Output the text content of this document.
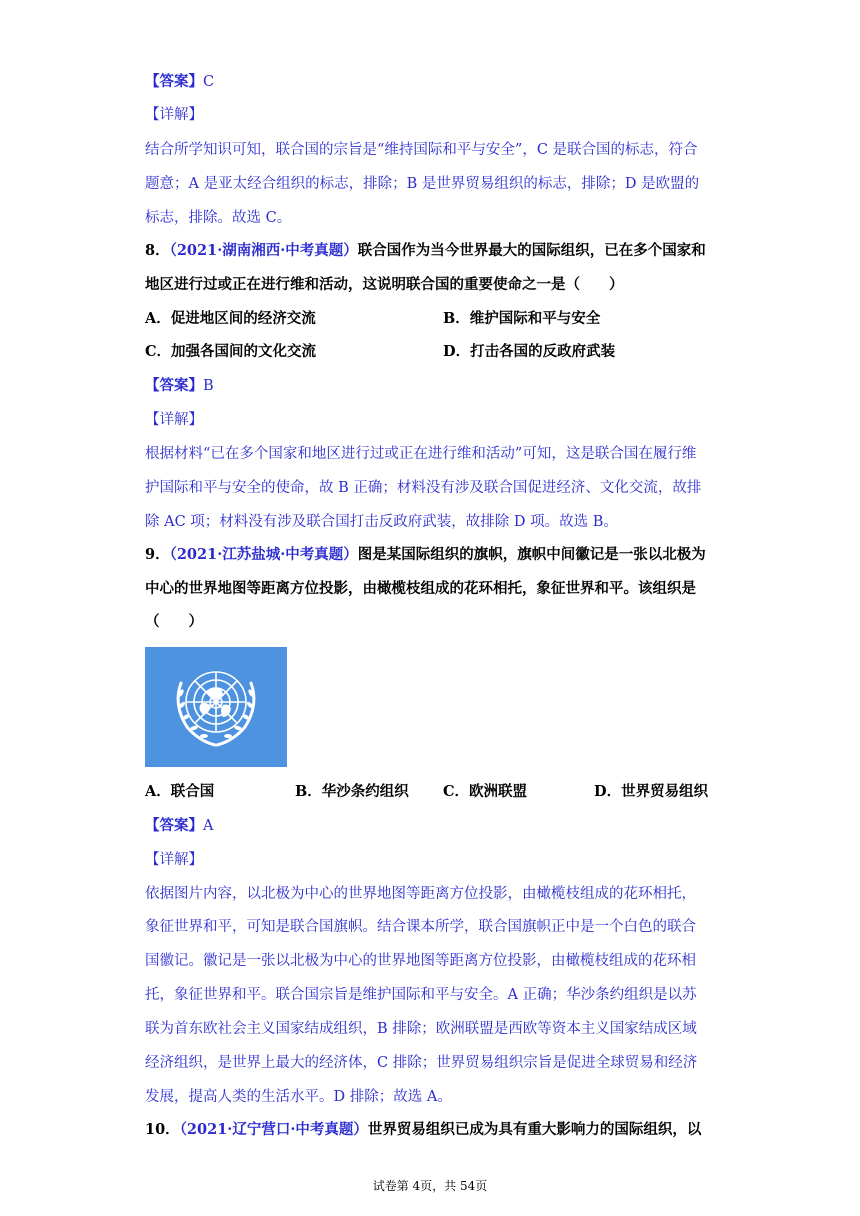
【答案】C
【详解】
结合所学知识可知，联合国的宗旨是“维持国际和平与安全”，C 是联合国的标志，符合
题意；A 是亚太经合组织的标志，排除；B 是世界贸易组织的标志，排除；D 是欧盟的
标志，排除。故选 C。
8．（2021·湖南湘西·中考真题）联合国作为当今世界最大的国际组织，已在多个国家和
地区进行过或正在进行维和活动，这说明联合国的重要使命之一是（　　）
A．促进地区间的经济交流	B．维护国际和平与安全
C．加强各国间的文化交流	D．打击各国的反政府武装
【答案】B
【详解】
根据材料“已在多个国家和地区进行过或正在进行维和活动”可知，这是联合国在履行维
护国际和平与安全的使命，故 B 正确；材料没有涉及联合国促进经济、文化交流，故排
除 AC 项；材料没有涉及联合国打击反政府武装，故排除 D 项。故选 B。
9．（2021·江苏盐城·中考真题）图是某国际组织的旗帜，旗帜中间徽记是一张以北极为
中心的世界地图等距离方位投影，由橄榄枝组成的花环相托，象征世界和平。该组织是
（　　）
A．联合国	B．华沙条约组织 C．欧洲联盟	D．世界贸易组织
【答案】A
【详解】
依据图片内容，以北极为中心的世界地图等距离方位投影，由橄榄枝组成的花环相托，
象征世界和平，可知是联合国旗帜。结合课本所学，联合国旗帜正中是一个白色的联合
国徽记。徽记是一张以北极为中心的世界地图等距离方位投影，由橄榄枝组成的花环相
托，象征世界和平。联合国宗旨是维护国际和平与安全。A 正确；华沙条约组织是以苏
联为首东欧社会主义国家结成组织，B 排除；欧洲联盟是西欧等资本主义国家结成区域
经济组织，是世界上最大的经济体，C 排除；世界贸易组织宗旨是促进全球贸易和经济
发展，提高人类的生活水平。D 排除；故选 A。
10．（2021·辽宁营口·中考真题）世界贸易组织已成为具有重大影响力的国际组织，以
试卷第 4页，共 54页
